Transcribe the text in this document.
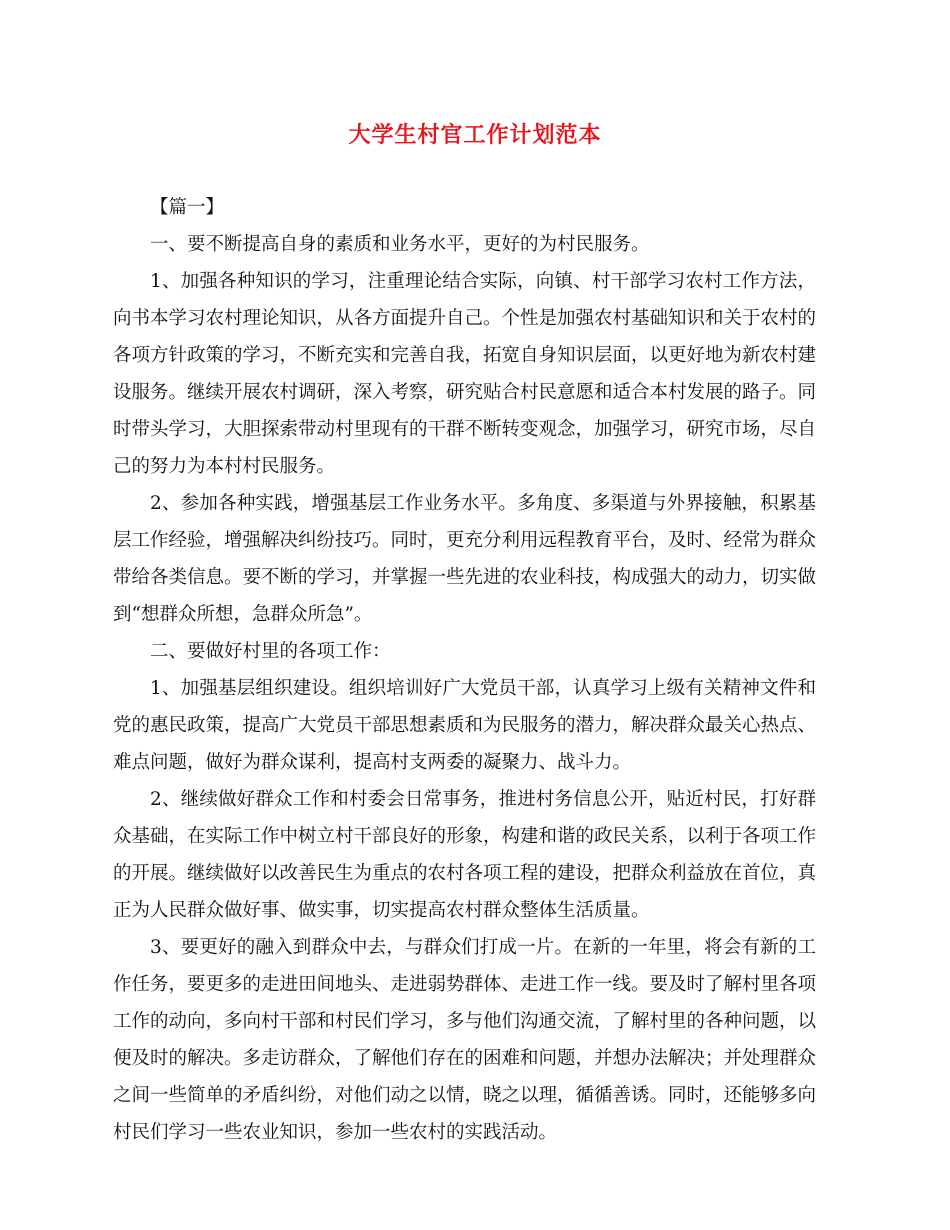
大学生村官工作计划范本

【篇一】

一、要不断提高自身的素质和业务水平，更好的为村民服务。

1、加强各种知识的学习，注重理论结合实际，向镇、村干部学习农村工作方法，向书本学习农村理论知识，从各方面提升自己。个性是加强农村基础知识和关于农村的各项方针政策的学习，不断充实和完善自我，拓宽自身知识层面，以更好地为新农村建设服务。继续开展农村调研，深入考察，研究贴合村民意愿和适合本村发展的路子。同时带头学习，大胆探索带动村里现有的干群不断转变观念，加强学习，研究市场，尽自己的努力为本村村民服务。

2、参加各种实践，增强基层工作业务水平。多角度、多渠道与外界接触，积累基层工作经验，增强解决纠纷技巧。同时，更充分利用远程教育平台，及时、经常为群众带给各类信息。要不断的学习，并掌握一些先进的农业科技，构成强大的动力，切实做到“想群众所想，急群众所急”。

二、要做好村里的各项工作：

1、加强基层组织建设。组织培训好广大党员干部，认真学习上级有关精神文件和党的惠民政策，提高广大党员干部思想素质和为民服务的潜力，解决群众最关心热点、难点问题，做好为群众谋利，提高村支两委的凝聚力、战斗力。

2、继续做好群众工作和村委会日常事务，推进村务信息公开，贴近村民，打好群众基础，在实际工作中树立村干部良好的形象，构建和谐的政民关系，以利于各项工作的开展。继续做好以改善民生为重点的农村各项工程的建设，把群众利益放在首位，真正为人民群众做好事、做实事，切实提高农村群众整体生活质量。

3、要更好的融入到群众中去，与群众们打成一片。在新的一年里，将会有新的工作任务，要更多的走进田间地头、走进弱势群体、走进工作一线。要及时了解村里各项工作的动向，多向村干部和村民们学习，多与他们沟通交流，了解村里的各种问题，以便及时的解决。多走访群众，了解他们存在的困难和问题，并想办法解决；并处理群众之间一些简单的矛盾纠纷，对他们动之以情，晓之以理，循循善诱。同时，还能够多向村民们学习一些农业知识，参加一些农村的实践活动。
